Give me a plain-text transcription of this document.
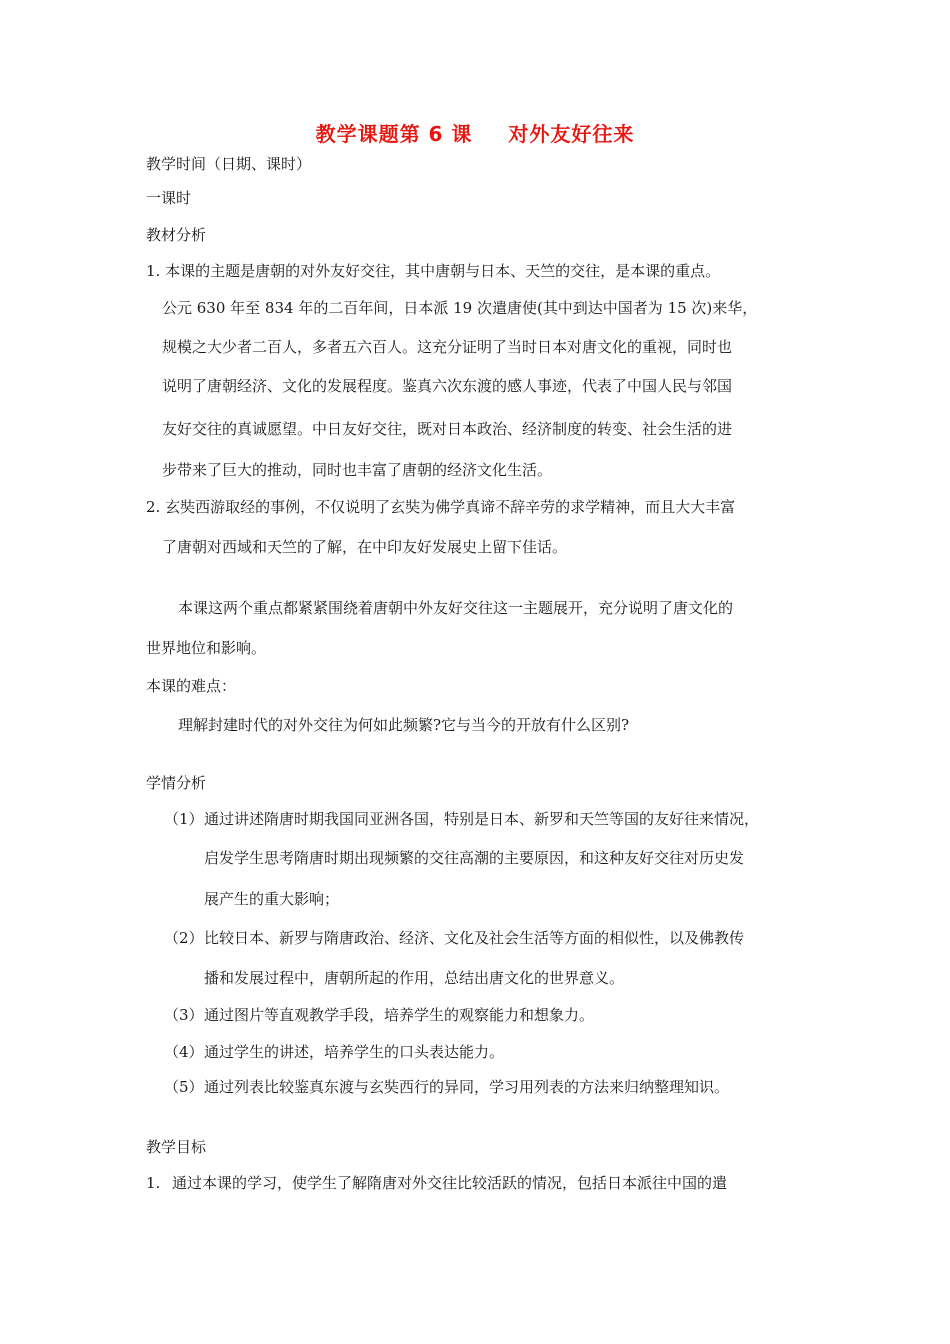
教学课题第 6 课 对外友好往来
教学时间（日期、课时）
一课时
教材分析
1. 本课的主题是唐朝的对外友好交往，其中唐朝与日本、天竺的交往，是本课的重点。
公元 630 年至 834 年的二百年间，日本派 19 次遣唐使(其中到达中国者为 15 次)来华，
规模之大少者二百人，多者五六百人。这充分证明了当时日本对唐文化的重视，同时也
说明了唐朝经济、文化的发展程度。鉴真六次东渡的感人事迹，代表了中国人民与邻国
友好交往的真诚愿望。中日友好交往，既对日本政治、经济制度的转变、社会生活的进
步带来了巨大的推动，同时也丰富了唐朝的经济文化生活。
2. 玄奘西游取经的事例，不仅说明了玄奘为佛学真谛不辞辛劳的求学精神，而且大大丰富
了唐朝对西域和天竺的了解，在中印友好发展史上留下佳话。
本课这两个重点都紧紧围绕着唐朝中外友好交往这一主题展开，充分说明了唐文化的
世界地位和影响。
本课的难点：
理解封建时代的对外交往为何如此频繁?它与当今的开放有什么区别?
学情分析
（1） 通过讲述隋唐时期我国同亚洲各国，特别是日本、新罗和天竺等国的友好往来情况，
启发学生思考隋唐时期出现频繁的交往高潮的主要原因，和这种友好交往对历史发
展产生的重大影响；
（2） 比较日本、新罗与隋唐政治、经济、文化及社会生活等方面的相似性，以及佛教传
播和发展过程中，唐朝所起的作用，总结出唐文化的世界意义。
（3） 通过图片等直观教学手段，培养学生的观察能力和想象力。
（4） 通过学生的讲述，培养学生的口头表达能力。
（5） 通过列表比较鉴真东渡与玄奘西行的异同，学习用列表的方法来归纳整理知识。
教学目标
1. 通过本课的学习，使学生了解隋唐对外交往比较活跃的情况，包括日本派往中国的遣
